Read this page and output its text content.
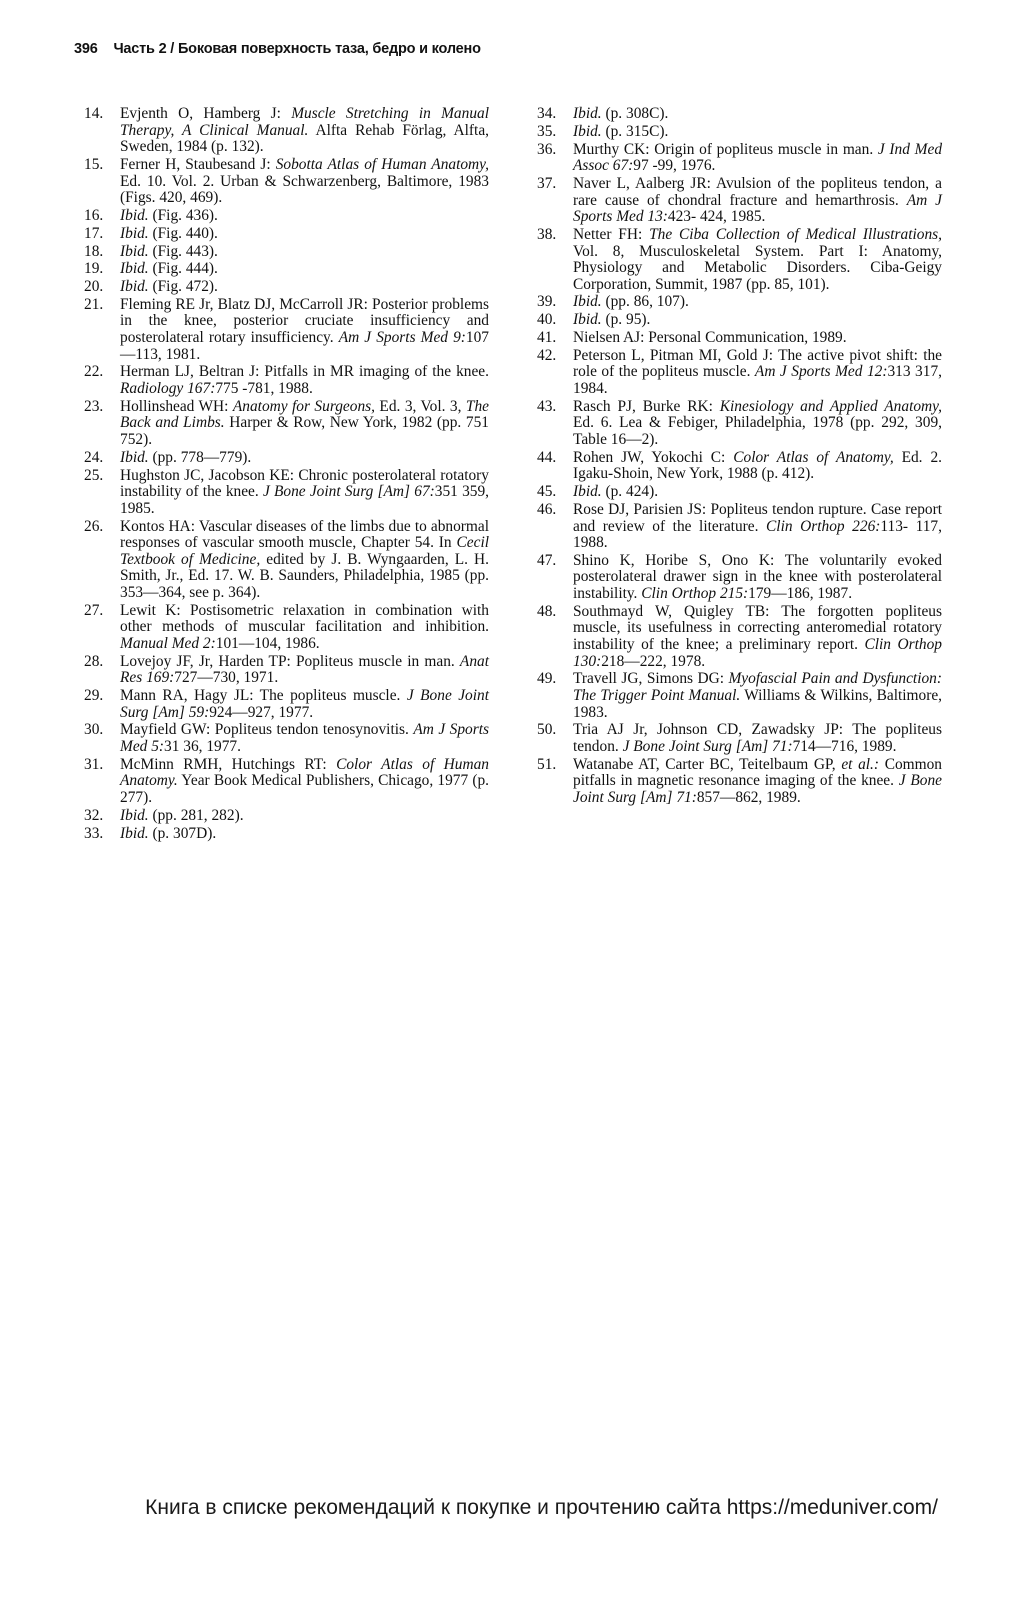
396 Часть 2 / Боковая поверхность таза, бедро и колено
14. Evjenth O, Hamberg J: Muscle Stretching in Manual Therapy, A Clinical Manual. Alfta Rehab Förlag, Alfta, Sweden, 1984 (p. 132).
15. Ferner H, Staubesand J: Sobotta Atlas of Human Anatomy, Ed. 10. Vol. 2. Urban & Schwarzenberg, Baltimore, 1983 (Figs. 420, 469).
16. Ibid. (Fig. 436).
17. Ibid. (Fig. 440).
18. Ibid. (Fig. 443).
19. Ibid. (Fig. 444).
20. Ibid. (Fig. 472).
21. Fleming RE Jr, Blatz DJ, McCarroll JR: Posterior problems in the knee, posterior cruciate insufficiency and posterolateral rotary insufficiency. Am J Sports Med 9:107—113, 1981.
22. Herman LJ, Beltran J: Pitfalls in MR imaging of the knee. Radiology 167:775 -781, 1988.
23. Hollinshead WH: Anatomy for Surgeons, Ed. 3, Vol. 3, The Back and Limbs. Harper & Row, New York, 1982 (pp. 751 752).
24. Ibid. (pp. 778—779).
25. Hughston JC, Jacobson KE: Chronic posterolateral rotatory instability of the knee. J Bone Joint Surg [Am] 67:351 359, 1985.
26. Kontos HA: Vascular diseases of the limbs due to abnormal responses of vascular smooth muscle, Chapter 54. In Cecil Textbook of Medicine, edited by J. B. Wyngaarden, L. H. Smith, Jr., Ed. 17. W. B. Saunders, Philadelphia, 1985 (pp. 353—364, see p. 364).
27. Lewit K: Postisometric relaxation in combination with other methods of muscular facilitation and inhibition. Manual Med 2:101—104, 1986.
28. Lovejoy JF, Jr, Harden TP: Popliteus muscle in man. Anat Res 169:727—730, 1971.
29. Mann RA, Hagy JL: The popliteus muscle. J Bone Joint Surg [Am] 59:924—927, 1977.
30. Mayfield GW: Popliteus tendon tenosynovitis. Am J Sports Med 5:31 36, 1977.
31. McMinn RMH, Hutchings RT: Color Atlas of Human Anatomy. Year Book Medical Publishers, Chicago, 1977 (p. 277).
32. Ibid. (pp. 281, 282).
33. Ibid. (p. 307D).
34. Ibid. (p. 308C).
35. Ibid. (p. 315C).
36. Murthy CK: Origin of popliteus muscle in man. J Ind Med Assoc 67:97 -99, 1976.
37. Naver L, Aalberg JR: Avulsion of the popliteus tendon, a rare cause of chondral fracture and hemarthrosis. Am J Sports Med 13:423- 424, 1985.
38. Netter FH: The Ciba Collection of Medical Illustrations, Vol. 8, Musculoskeletal System. Part I: Anatomy, Physiology and Metabolic Disorders. Ciba-Geigy Corporation, Summit, 1987 (pp. 85, 101).
39. Ibid. (pp. 86, 107).
40. Ibid. (p. 95).
41. Nielsen AJ: Personal Communication, 1989.
42. Peterson L, Pitman MI, Gold J: The active pivot shift: the role of the popliteus muscle. Am J Sports Med 12:313 317, 1984.
43. Rasch PJ, Burke RK: Kinesiology and Applied Anatomy, Ed. 6. Lea & Febiger, Philadelphia, 1978 (pp. 292, 309, Table 16—2).
44. Rohen JW, Yokochi C: Color Atlas of Anatomy, Ed. 2. Igaku-Shoin, New York, 1988 (p. 412).
45. Ibid. (p. 424).
46. Rose DJ, Parisien JS: Popliteus tendon rupture. Case report and review of the literature. Clin Orthop 226:113- 117, 1988.
47. Shino K, Horibe S, Ono K: The voluntarily evoked posterolateral drawer sign in the knee with posterolateral instability. Clin Orthop 215:179—186, 1987.
48. Southmayd W, Quigley TB: The forgotten popliteus muscle, its usefulness in correcting anteromedial rotatory instability of the knee; a preliminary report. Clin Orthop 130:218—222, 1978.
49. Travell JG, Simons DG: Myofascial Pain and Dysfunction: The Trigger Point Manual. Williams & Wilkins, Baltimore, 1983.
50. Tria AJ Jr, Johnson CD, Zawadsky JP: The popliteus tendon. J Bone Joint Surg [Am] 71:714—716, 1989.
51. Watanabe AT, Carter BC, Teitelbaum GP, et al.: Common pitfalls in magnetic resonance imaging of the knee. J Bone Joint Surg [Am] 71:857—862, 1989.
Книга в списке рекомендаций к покупке и прочтению сайта https://meduniver.com/
